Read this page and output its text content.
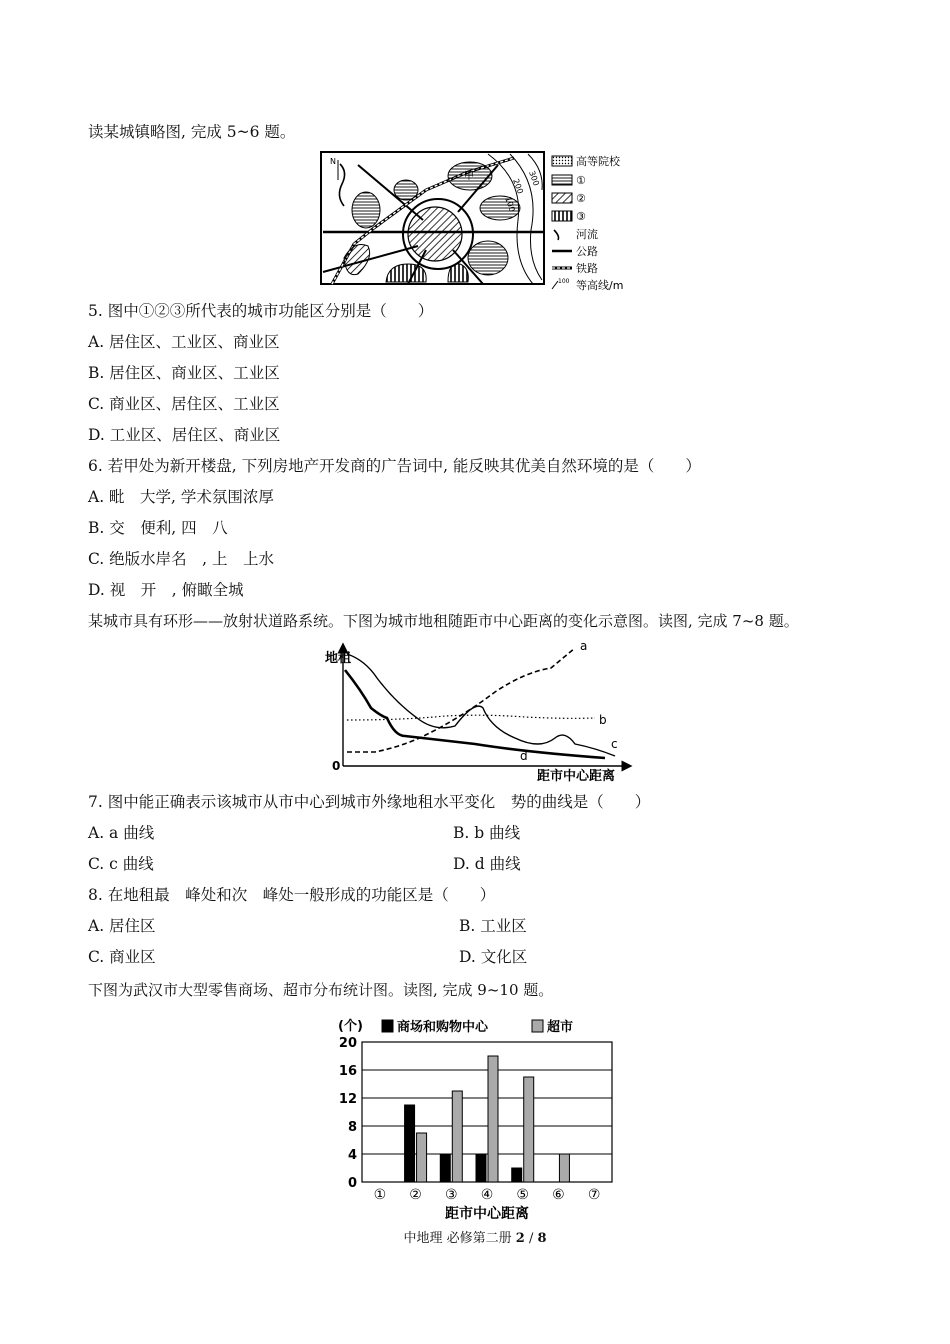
读某城镇略图, 完成 5~6 题。
300
200
甲
N	高等院校
①
②
③
河流
公路
铁路
100 等高线/m
5. 图中①②③所代表的城市功能区分别是（　　）
A. 居住区、工业区、商业区
B. 居住区、商业区、工业区
C. 商业区、居住区、工业区
D. 工业区、居住区、商业区
6. 若甲处为新开楼盘, 下列房地产开发商的广告词中, 能反映其优美自然环境的是（　　）
A. 毗　大学, 学术氛围浓厚
B. 交　便利, 四　八
C. 绝版水岸名　, 上　上水
D. 视　开　, 俯瞰全城
某城市具有环形——放射状道路系统。下图为城市地租随距市中心距离的变化示意图。读图, 完成 7~8 题。
地租
0
距市中心距离
a
b
c
d
7. 图中能正确表示该城市从市中心到城市外缘地租水平变化　势的曲线是（　　）
A. a 曲线	B. b 曲线
C. c 曲线	D. d 曲线
8. 在地租最　峰处和次　峰处一般形成的功能区是（　　）
A. 居住区	B. 工业区
C. 商业区	D. 文化区
下图为武汉市大型零售商场、超市分布统计图。读图, 完成 9~10 题。
0
4
8
12
16
20
(个)	商场和购物中心	超市
① ② ③ ④ ⑤ ⑥ ⑦
距市中心距离
中地理 必修第二册 2 / 8
